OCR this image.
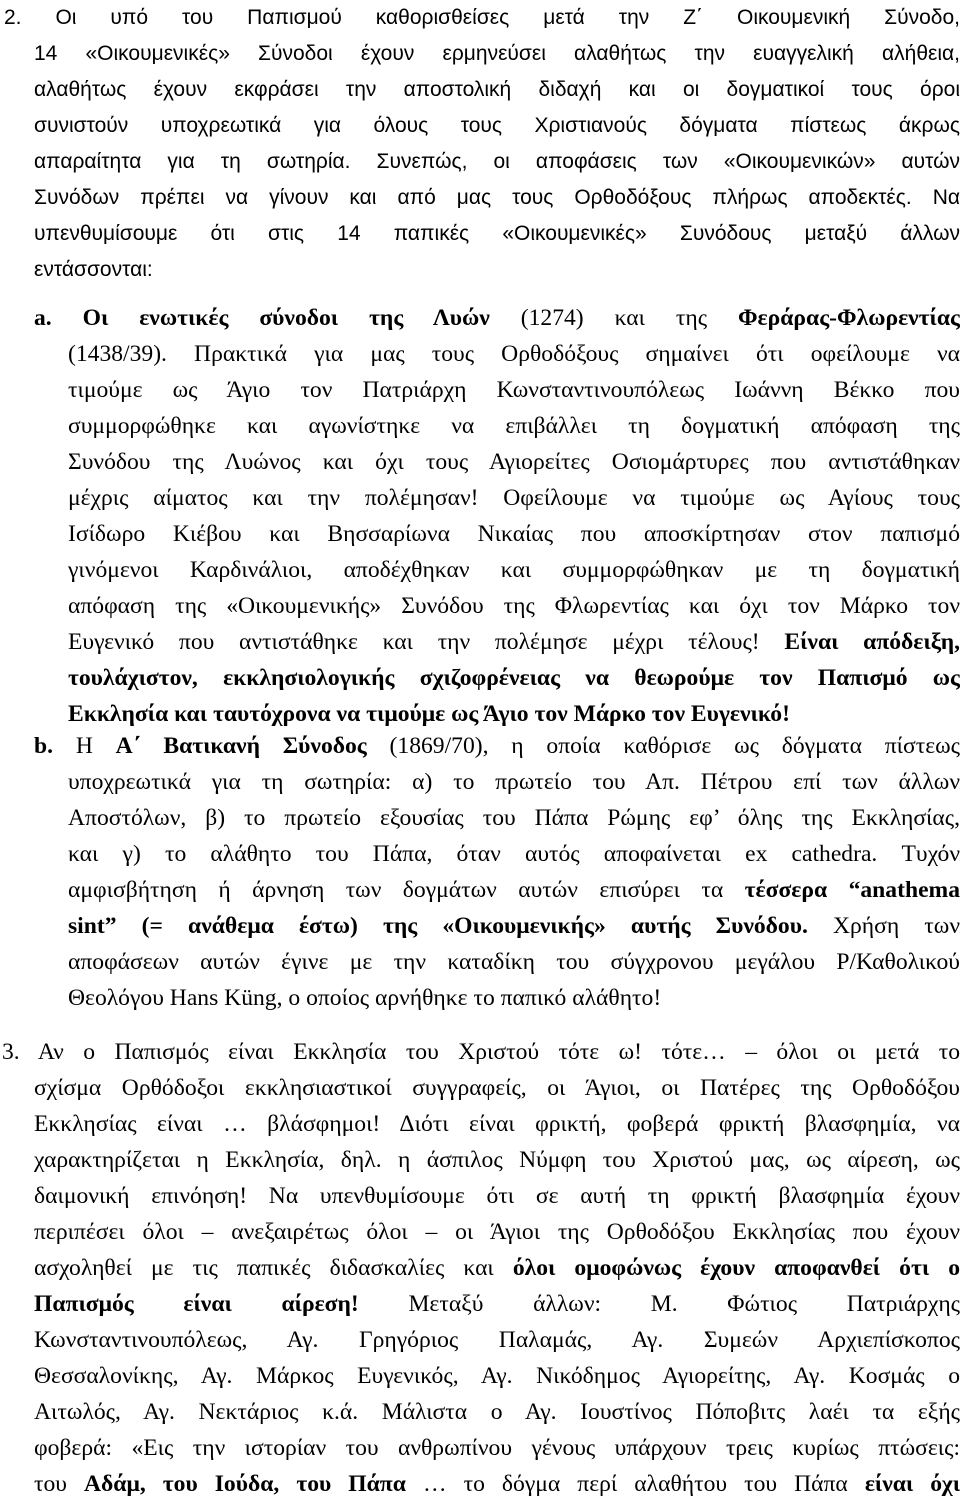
2. Οι υπό του Παπισμού καθορισθείσες μετά την Ζ΄ Οικουμενική Σύνοδο,
14 «Οικουμενικές» Σύνοδοι έχουν ερμηνεύσει αλαθήτως την ευαγγελική αλήθεια,
αλαθήτως έχουν εκφράσει την αποστολική διδαχή και οι δογματικοί τους όροι
συνιστούν υποχρεωτικά για όλους τους Χριστιανούς δόγματα πίστεως άκρως
απαραίτητα για τη σωτηρία. Συνεπώς, οι αποφάσεις των «Οικουμενικών» αυτών
Συνόδων πρέπει να γίνουν και από μας τους Ορθοδόξους πλήρως αποδεκτές. Να
υπενθυμίσουμε ότι στις 14 παπικές «Οικουμενικές» Συνόδους μεταξύ άλλων
εντάσσονται:
a. Οι ενωτικές σύνοδοι της Λυών (1274) και της Φεράρας-Φλωρεντίας
(1438/39). Πρακτικά για μας τους Ορθοδόξους σημαίνει ότι οφείλουμε να
τιμούμε ως Άγιο τον Πατριάρχη Κωνσταντινουπόλεως Ιωάννη Βέκκο που
συμμορφώθηκε και αγωνίστηκε να επιβάλλει τη δογματική απόφαση της
Συνόδου της Λυώνος και όχι τους Αγιορείτες Οσιομάρτυρες που αντιστάθηκαν
μέχρις αίματος και την πολέμησαν! Οφείλουμε να τιμούμε ως Αγίους τους
Ισίδωρο Κιέβου και Βησσαρίωνα Νικαίας που αποσκίρτησαν στον παπισμό
γινόμενοι Καρδινάλιοι, αποδέχθηκαν και συμμορφώθηκαν με τη δογματική
απόφαση της «Οικουμενικής» Συνόδου της Φλωρεντίας και όχι τον Μάρκο τον
Ευγενικό που αντιστάθηκε και την πολέμησε μέχρι τέλους! Είναι απόδειξη,
τουλάχιστον, εκκλησιολογικής σχιζοφρένειας να θεωρούμε τον Παπισμό ως
Εκκλησία και ταυτόχρονα να τιμούμε ως Άγιο τον Μάρκο τον Ευγενικό!
b. Η Α΄ Βατικανή Σύνοδος (1869/70), η οποία καθόρισε ως δόγματα πίστεως
υποχρεωτικά για τη σωτηρία: α) το πρωτείο του Απ. Πέτρου επί των άλλων
Αποστόλων, β) το πρωτείο εξουσίας του Πάπα Ρώμης εφ’ όλης της Εκκλησίας,
και γ) το αλάθητο του Πάπα, όταν αυτός αποφαίνεται ex cathedra. Τυχόν
αμφισβήτηση ή άρνηση των δογμάτων αυτών επισύρει τα τέσσερα “anathema
sint” (= ανάθεμα έστω) της «Οικουμενικής» αυτής Συνόδου. Χρήση των
αποφάσεων αυτών έγινε με την καταδίκη του σύγχρονου μεγάλου Ρ/Καθολικού
Θεολόγου Hans Küng, ο οποίος αρνήθηκε το παπικό αλάθητο!
3. Αν ο Παπισμός είναι Εκκλησία του Χριστού τότε ω! τότε… – όλοι οι μετά το
σχίσμα Ορθόδοξοι εκκλησιαστικοί συγγραφείς, οι Άγιοι, οι Πατέρες της Ορθοδόξου
Εκκλησίας είναι … βλάσφημοι! Διότι είναι φρικτή, φοβερά φρικτή βλασφημία, να
χαρακτηρίζεται η Εκκλησία, δηλ. η άσπιλος Νύμφη του Χριστού μας, ως αίρεση, ως
δαιμονική επινόηση! Να υπενθυμίσουμε ότι σε αυτή τη φρικτή βλασφημία έχουν
περιπέσει όλοι – ανεξαιρέτως όλοι – οι Άγιοι της Ορθοδόξου Εκκλησίας που έχουν
ασχοληθεί με τις παπικές διδασκαλίες και όλοι ομοφώνως έχουν αποφανθεί ότι ο
Παπισμός είναι αίρεση! Μεταξύ άλλων: Μ. Φώτιος Πατριάρχης
Κωνσταντινουπόλεως, Αγ. Γρηγόριος Παλαμάς, Αγ. Συμεών Αρχιεπίσκοπος
Θεσσαλονίκης, Αγ. Μάρκος Ευγενικός, Αγ. Νικόδημος Αγιορείτης, Αγ. Κοσμάς ο
Αιτωλός, Αγ. Νεκτάριος κ.ά. Μάλιστα ο Αγ. Ιουστίνος Πόποβιτς λαέι τα εξής
φοβερά: «Εις την ιστορίαν του ανθρωπίνου γένους υπάρχουν τρεις κυρίως πτώσεις:
του Αδάμ, του Ιούδα, του Πάπα … το δόγμα περί αλαθήτου του Πάπα είναι όχι
